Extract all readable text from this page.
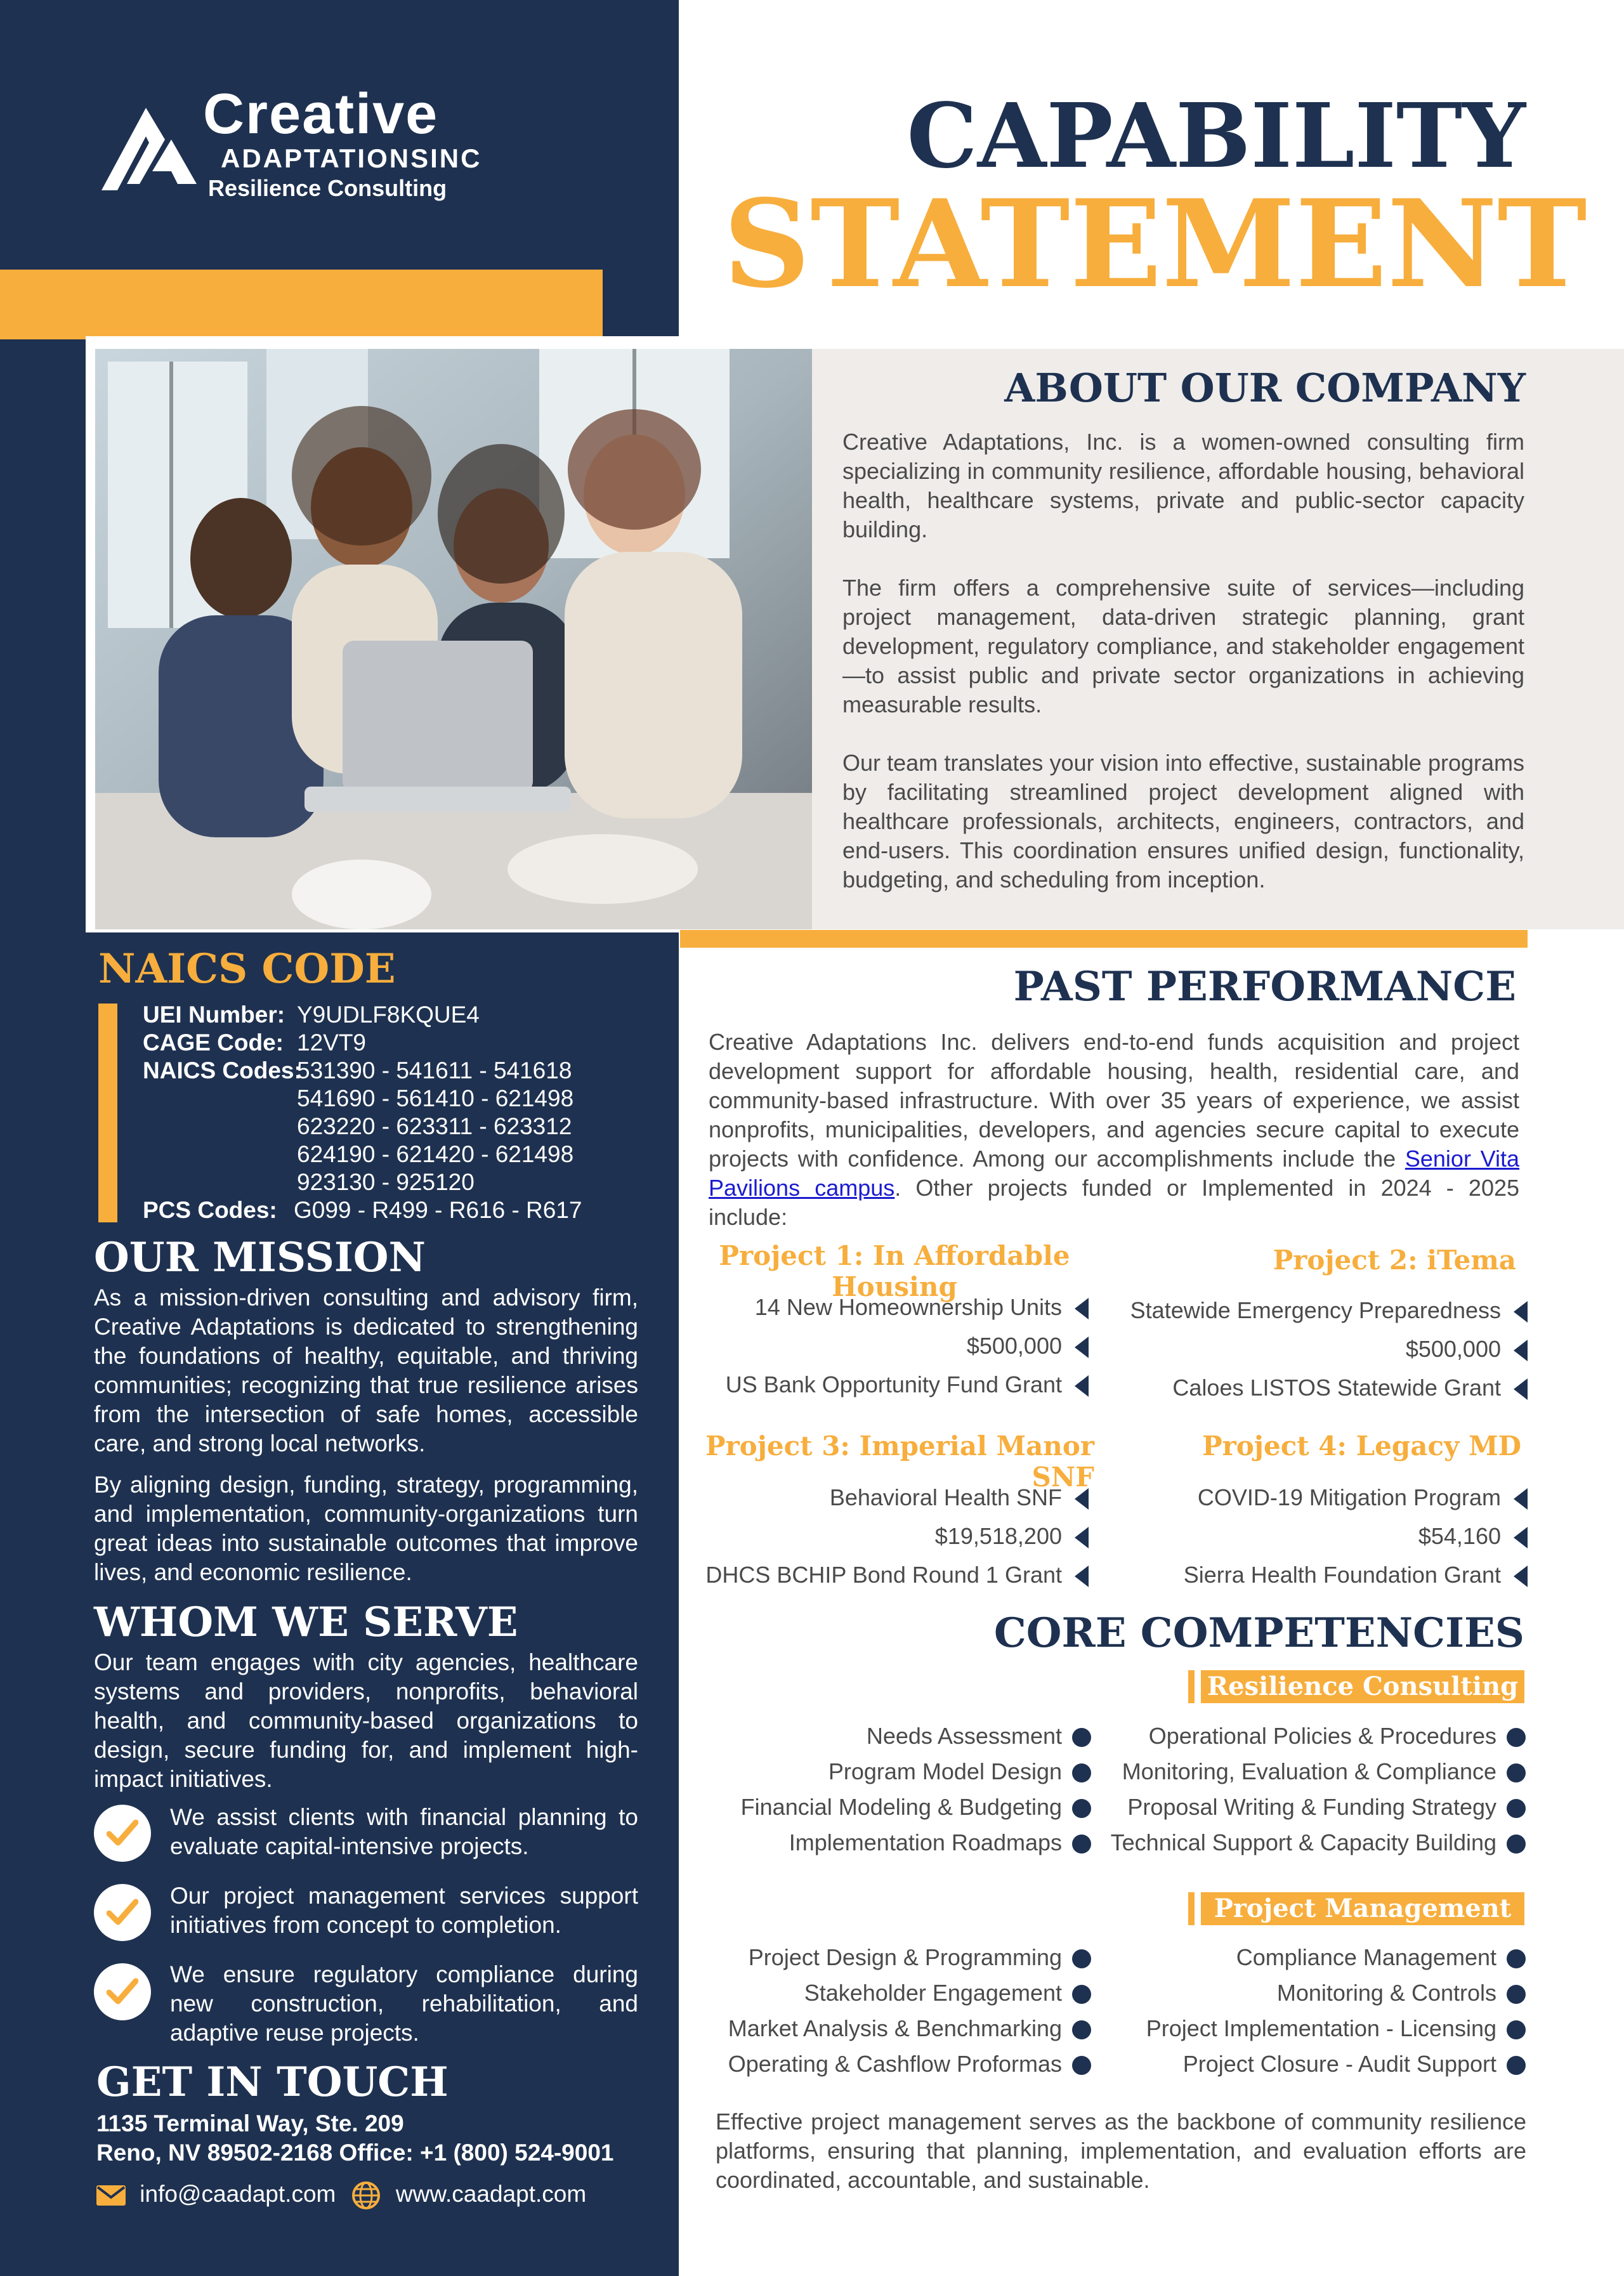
Creative
ADAPTATIONSINC
Resilience Consulting	CAPABILITY
STATEMENT
ABOUT OUR COMPANY

Creative Adaptations, Inc. is a women-owned consulting firm specializing in community resilience, affordable housing, behavioral health, healthcare systems, private and public-sector capacity building.

The firm offers a comprehensive suite of services—including project management, data-driven strategic planning, grant development, regulatory compliance, and stakeholder engagement—to assist public and private sector organizations in achieving measurable results.

Our team translates your vision into effective, sustainable programs by facilitating streamlined project development aligned with healthcare professionals, architects, engineers, contractors, and end-users. This coordination ensures unified design, functionality, budgeting, and scheduling from inception.

NAICS CODE
UEI Number: Y9UDLF8KQUE4
CAGE Code: 12VT9
NAICS Codes:
531390 - 541611 - 541618
541690 - 561410 - 621498
623220 - 623311 - 623312
624190 - 621420 - 621498
923130 - 925120
PCS Codes: G099 - R499 - R616 - R617
OUR MISSION

As a mission-driven consulting and advisory firm, Creative Adaptations is dedicated to strengthening the foundations of healthy, equitable, and thriving communities; recognizing that true resilience arises from the intersection of safe homes, accessible care, and strong local networks.

By aligning design, funding, strategy, programming, and implementation, community-organizations turn great ideas into sustainable outcomes that improve lives, and economic resilience.

WHOM WE SERVE

Our team engages with city agencies, healthcare systems and providers, nonprofits, behavioral health, and community-based organizations to design, secure funding for, and implement high-impact initiatives.

We assist clients with financial planning to evaluate capital-intensive projects.

Our project management services support initiatives from concept to completion.

We ensure regulatory compliance during new construction, rehabilitation, and adaptive reuse projects.

GET IN TOUCH
1135 Terminal Way, Ste. 209
Reno, NV 89502-2168 Office: +1 (800) 524-9001
info@caadapt.com	www.caadapt.com
PAST PERFORMANCE
Creative Adaptations Inc. delivers end-to-end funds acquisition and project development support for affordable housing, health, residential care, and community-based infrastructure. With over 35 years of experience, we assist nonprofits, municipalities, developers, and agencies secure capital to execute projects with confidence. Among our accomplishments include the Senior Vita Pavilions campus. Other projects funded or Implemented in 2024 - 2025 include:
Project 1: In Affordable Housing
14 New Homeownership Units
$500,000
US Bank Opportunity Fund Grant
Project 2: iTema
Statewide Emergency Preparedness
$500,000
Caloes LISTOS Statewide Grant
Project 3: Imperial Manor SNF
Behavioral Health SNF
$19,518,200
DHCS BCHIP Bond Round 1 Grant
Project 4: Legacy MD
COVID-19 Mitigation Program
$54,160
Sierra Health Foundation Grant
CORE COMPETENCIES
Resilience Consulting
Needs Assessment
Program Model Design
Financial Modeling & Budgeting
Implementation Roadmaps
Operational Policies & Procedures
Monitoring, Evaluation & Compliance
Proposal Writing & Funding Strategy
Technical Support & Capacity Building
Project Management
Project Design & Programming
Stakeholder Engagement
Market Analysis & Benchmarking
Operating & Cashflow Proformas
Compliance Management
Monitoring & Controls
Project Implementation - Licensing
Project Closure - Audit Support

Effective project management serves as the backbone of community resilience platforms, ensuring that planning, implementation, and evaluation efforts are coordinated, accountable, and sustainable.
